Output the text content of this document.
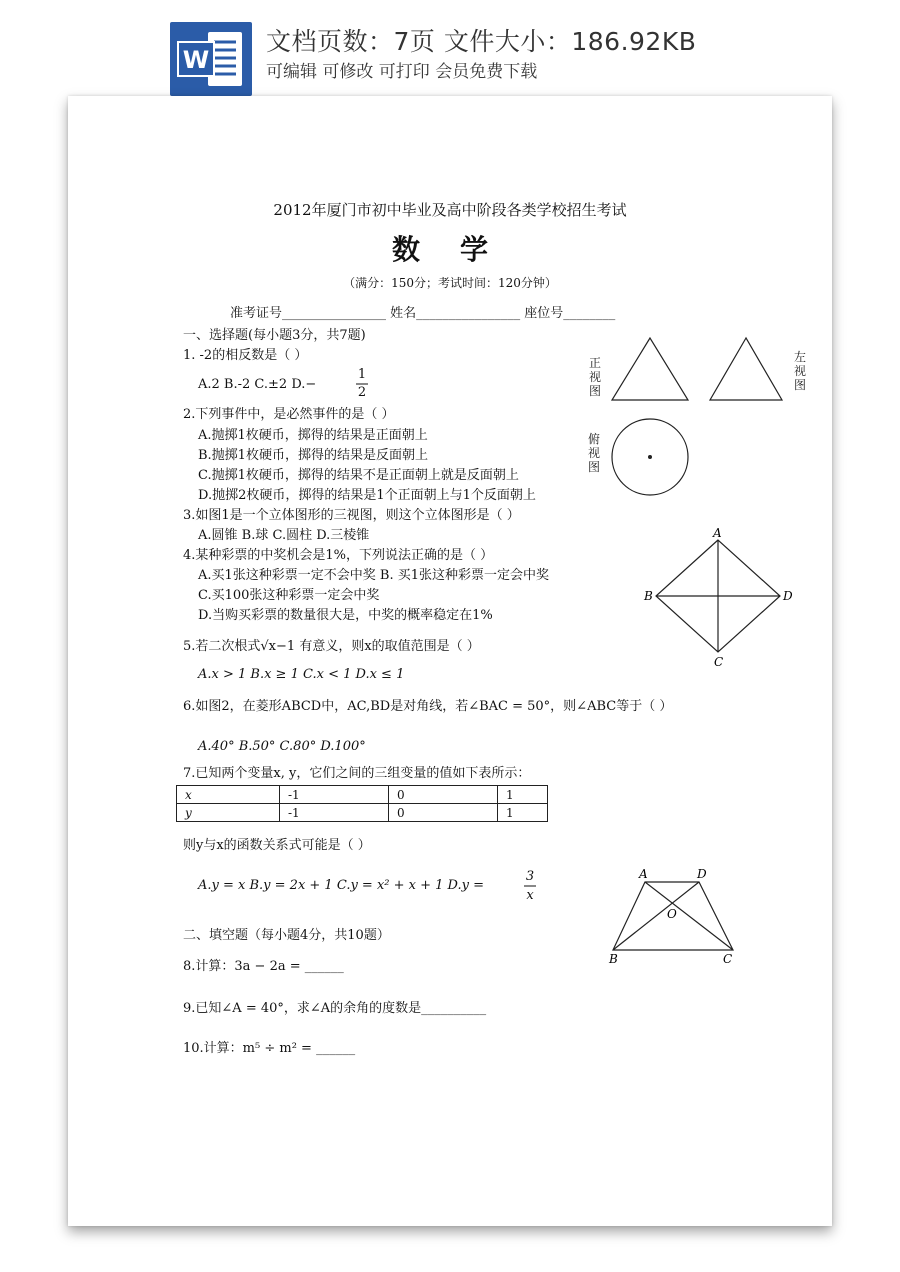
W
文档页数：7页 文件大小：186.92KB
可编辑 可修改 可打印 会员免费下载
2012年厦门市初中毕业及高中阶段各类学校招生考试
数学
（满分：150分；考试时间：120分钟）
准考证号________________ 姓名________________ 座位号________
一、选择题(每小题3分，共7题)
1. -2的相反数是（ ）
A.2 B.-2 C.±2 D.−
1
2
2.下列事件中，是必然事件的是（ ）
A.抛掷1枚硬币，掷得的结果是正面朝上
B.抛掷1枚硬币，掷得的结果是反面朝上
C.抛掷1枚硬币，掷得的结果不是正面朝上就是反面朝上
D.抛掷2枚硬币，掷得的结果是1个正面朝上与1个反面朝上
3.如图1是一个立体图形的三视图，则这个立体图形是（ ）
A.圆锥 B.球 C.圆柱 D.三棱锥
4.某种彩票的中奖机会是1%，下列说法正确的是（ ）
A.买1张这种彩票一定不会中奖 B. 买1张这种彩票一定会中奖
C.买100张这种彩票一定会中奖
D.当购买彩票的数量很大是，中奖的概率稳定在1%
5.若二次根式√x−1 有意义，则x的取值范围是（ ）
A.x > 1 B.x ≥ 1 C.x < 1 D.x ≤ 1
6.如图2，在菱形ABCD中，AC,BD是对角线，若∠BAC = 50°，则∠ABC等于（ ）
A.40° B.50° C.80° D.100°
7.已知两个变量x, y，它们之间的三组变量的值如下表所示：
x	-1	0	1
y	-1	0	1
则y与x的函数关系式可能是（ ）
A.y = x B.y = 2x + 1 C.y = x² + x + 1 D.y =
3
x
二、填空题（每小题4分，共10题）
8.计算：3a − 2a = ______
9.已知∠A = 40°，求∠A的余角的度数是__________
10.计算：m⁵ ÷ m² = ______
正视图
左视图
俯视图
A
B
C
D
A	D
O
B	C
